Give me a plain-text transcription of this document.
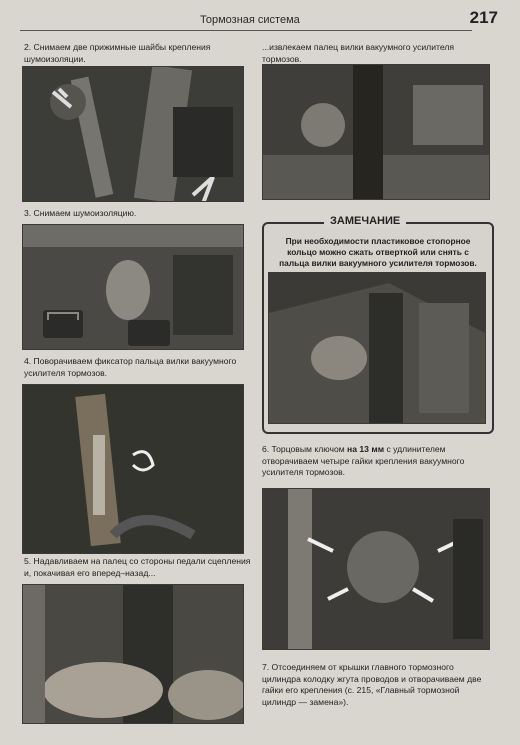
Тормозная система	217
2. Снимаем две прижимные шайбы крепления шумоизоляции.
3. Снимаем шумоизоляцию.
4. Поворачиваем фиксатор пальца вилки вакуумного усилителя тормозов.
5. Надавливаем на палец со стороны педали сцепления и, покачивая его вперед–назад...
...извлекаем палец вилки вакуумного усилителя тормозов.
ЗАМЕЧАНИЕ
При необходимости пластиковое стопорное кольцо можно сжать отверткой или снять с пальца вилки вакуумного усилителя тормозов.
6. Торцовым ключом на 13 мм с удлинителем отворачиваем четыре гайки крепления вакуумного усилителя тормозов.
7. Отсоединяем от крышки главного тормозного цилиндра колодку жгута проводов и отворачиваем две гайки его крепления (с. 215, «Главный тормозной цилиндр — замена»).
